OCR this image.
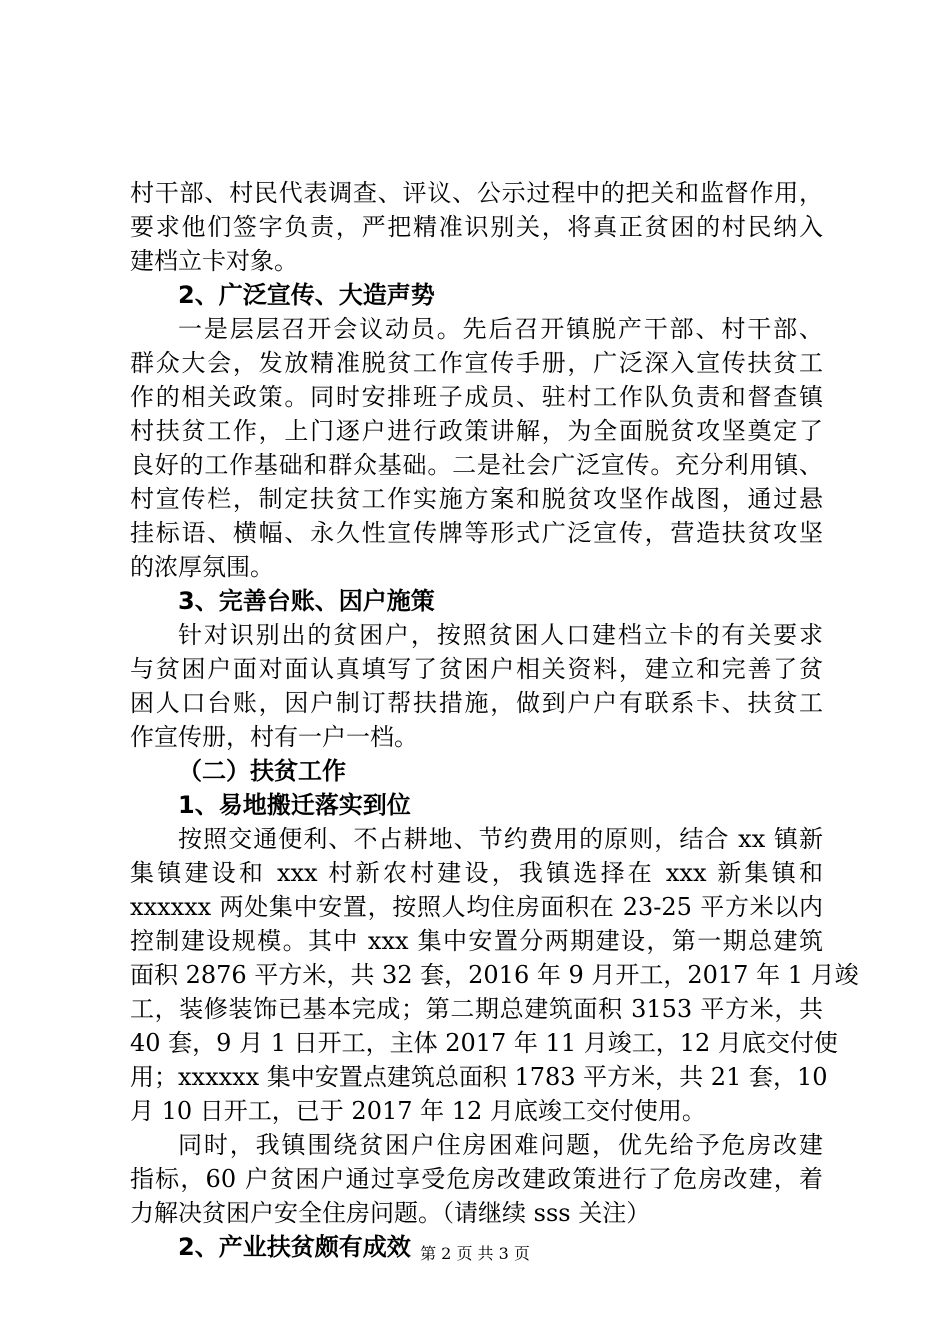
村干部、村民代表调查、评议、公示过程中的把关和监督作用，
要求他们签字负责，严把精准识别关，将真正贫困的村民纳入
建档立卡对象。
2、广泛宣传、大造声势
一是层层召开会议动员。先后召开镇脱产干部、村干部、
群众大会，发放精准脱贫工作宣传手册，广泛深入宣传扶贫工
作的相关政策。同时安排班子成员、驻村工作队负责和督查镇
村扶贫工作，上门逐户进行政策讲解，为全面脱贫攻坚奠定了
良好的工作基础和群众基础。二是社会广泛宣传。充分利用镇、
村宣传栏，制定扶贫工作实施方案和脱贫攻坚作战图，通过悬
挂标语、横幅、永久性宣传牌等形式广泛宣传，营造扶贫攻坚
的浓厚氛围。
3、完善台账、因户施策
针对识别出的贫困户，按照贫困人口建档立卡的有关要求
与贫困户面对面认真填写了贫困户相关资料，建立和完善了贫
困人口台账，因户制订帮扶措施，做到户户有联系卡、扶贫工
作宣传册，村有一户一档。
（二）扶贫工作
1、易地搬迁落实到位
按照交通便利、不占耕地、节约费用的原则，结合 xx 镇新
集镇建设和 xxx 村新农村建设，我镇选择在 xxx 新集镇和
xxxxxx 两处集中安置，按照人均住房面积在 23-25 平方米以内
控制建设规模。其中 xxx 集中安置分两期建设，第一期总建筑
面积 2876 平方米，共 32 套，2016 年 9 月开工，2017 年 1 月竣
工，装修装饰已基本完成；第二期总建筑面积 3153 平方米，共
40 套，9 月 1 日开工，主体 2017 年 11 月竣工，12 月底交付使
用；xxxxxx 集中安置点建筑总面积 1783 平方米，共 21 套，10
月 10 日开工，已于 2017 年 12 月底竣工交付使用。
同时，我镇围绕贫困户住房困难问题，优先给予危房改建
指标，60 户贫困户通过享受危房改建政策进行了危房改建，着
力解决贫困户安全住房问题。（请继续 sss 关注）
2、产业扶贫颇有成效 第 2 页 共 3 页
